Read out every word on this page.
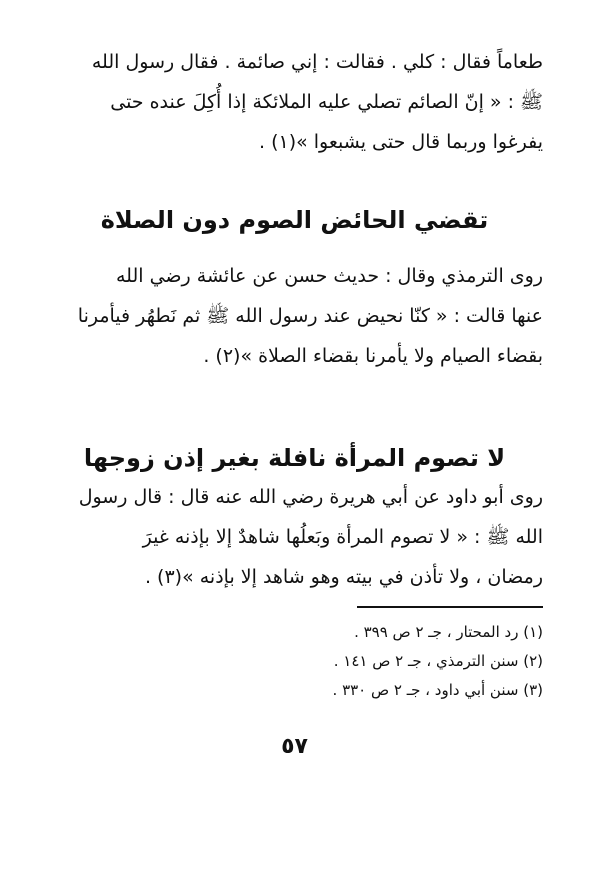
طعاماً فقال : كلي . فقالت : إني صائمة . فقال رسول الله

ﷺ : « إنّ الصائم تصلي عليه الملائكة إذا أُكِلَ عنده حتى

يفرغوا وربما قال حتى يشبعوا »(١) .

تقضي الحائض الصوم دون الصلاة

روى الترمذي وقال : حديث حسن عن عائشة رضي الله

عنها قالت : « كنّا نحيض عند رسول الله ﷺ ثم نَطهُر فيأمرنا

بقضاء الصيام ولا يأمرنا بقضاء الصلاة »(٢) .

لا تصوم المرأة نافلة بغير إذن زوجها

روى أبو داود عن أبي هريرة رضي الله عنه قال : قال رسول

الله ﷺ : « لا تصوم المرأة وبَعلُها شاهدٌ إلا بإذنه غيرَ

رمضان ، ولا تأذن في بيته وهو شاهد إلا بإذنه »(٣) .

(١) رد المحتار ، جـ ٢ ص ٣٩٩ .

(٢) سنن الترمذي ، جـ ٢ ص ١٤١ .

(٣) سنن أبي داود ، جـ ٢ ص ٣٣٠ .

٥٧
